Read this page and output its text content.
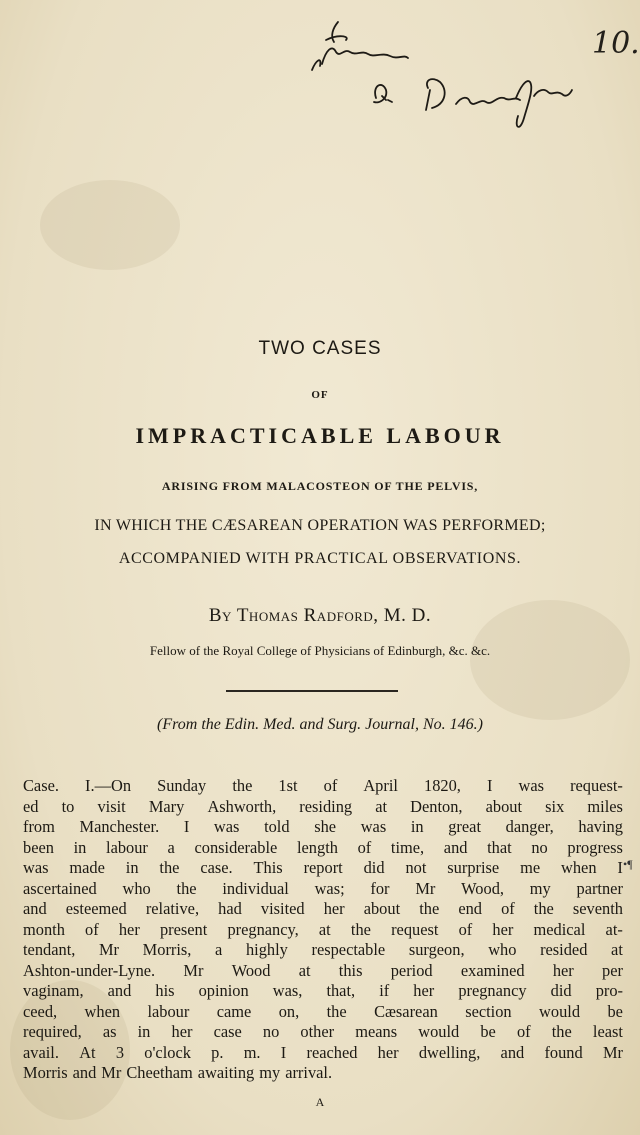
10.
TWO CASES
OF
IMPRACTICABLE LABOUR
ARISING FROM MALACOSTEON OF THE PELVIS,
IN WHICH THE CÆSAREAN OPERATION WAS PERFORMED;
ACCOMPANIED WITH PRACTICAL OBSERVATIONS.
By Thomas Radford, M. D.
Fellow of the Royal College of Physicians of Edinburgh, &c. &c.
(From the Edin. Med. and Surg. Journal, No. 146.)
Case. I.—On Sunday the 1st of April 1820, I was request-
ed to visit Mary Ashworth, residing at Denton, about six miles
from Manchester. I was told she was in great danger, having
been in labour a considerable length of time, and that no progress
was made in the case. This report did not surprise me when I
ascertained who the individual was; for Mr Wood, my partner
and esteemed relative, had visited her about the end of the seventh
month of her present pregnancy, at the request of her medical at-
tendant, Mr Morris, a highly respectable surgeon, who resided at
Ashton-under-Lyne. Mr Wood at this period examined her per
vaginam, and his opinion was, that, if her pregnancy did pro-
ceed, when labour came on, the Cæsarean section would be
required, as in her case no other means would be of the least
avail. At 3 o'clock p. m. I reached her dwelling, and found Mr
Morris and Mr Cheetham awaiting my arrival.
•¶
A
